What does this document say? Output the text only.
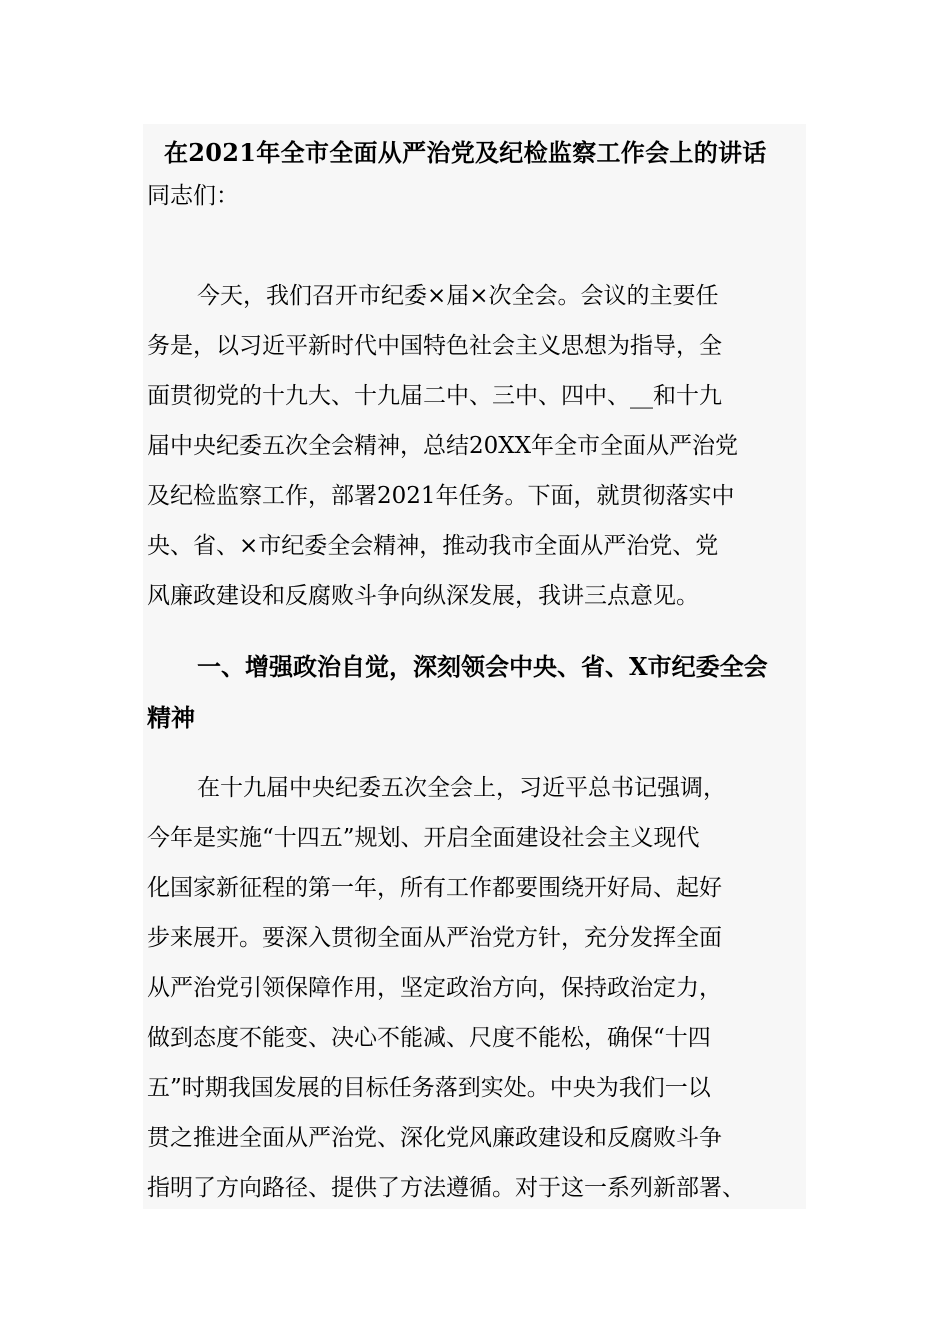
在2021年全市全面从严治党及纪检监察工作会上的讲话
同志们：
今天，我们召开市纪委×届×次全会。会议的主要任
务是，以习近平新时代中国特色社会主义思想为指导，全
面贯彻党的十九大、十九届二中、三中、四中、__和十九
届中央纪委五次全会精神，总结20XX年全市全面从严治党
及纪检监察工作，部署2021年任务。下面，就贯彻落实中
央、省、×市纪委全会精神，推动我市全面从严治党、党
风廉政建设和反腐败斗争向纵深发展，我讲三点意见。
一、增强政治自觉，深刻领会中央、省、X市纪委全会
精神
在十九届中央纪委五次全会上，习近平总书记强调，
今年是实施“十四五”规划、开启全面建设社会主义现代
化国家新征程的第一年，所有工作都要围绕开好局、起好
步来展开。要深入贯彻全面从严治党方针，充分发挥全面
从严治党引领保障作用，坚定政治方向，保持政治定力，
做到态度不能变、决心不能减、尺度不能松，确保“十四
五”时期我国发展的目标任务落到实处。中央为我们一以
贯之推进全面从严治党、深化党风廉政建设和反腐败斗争
指明了方向路径、提供了方法遵循。对于这一系列新部署、
